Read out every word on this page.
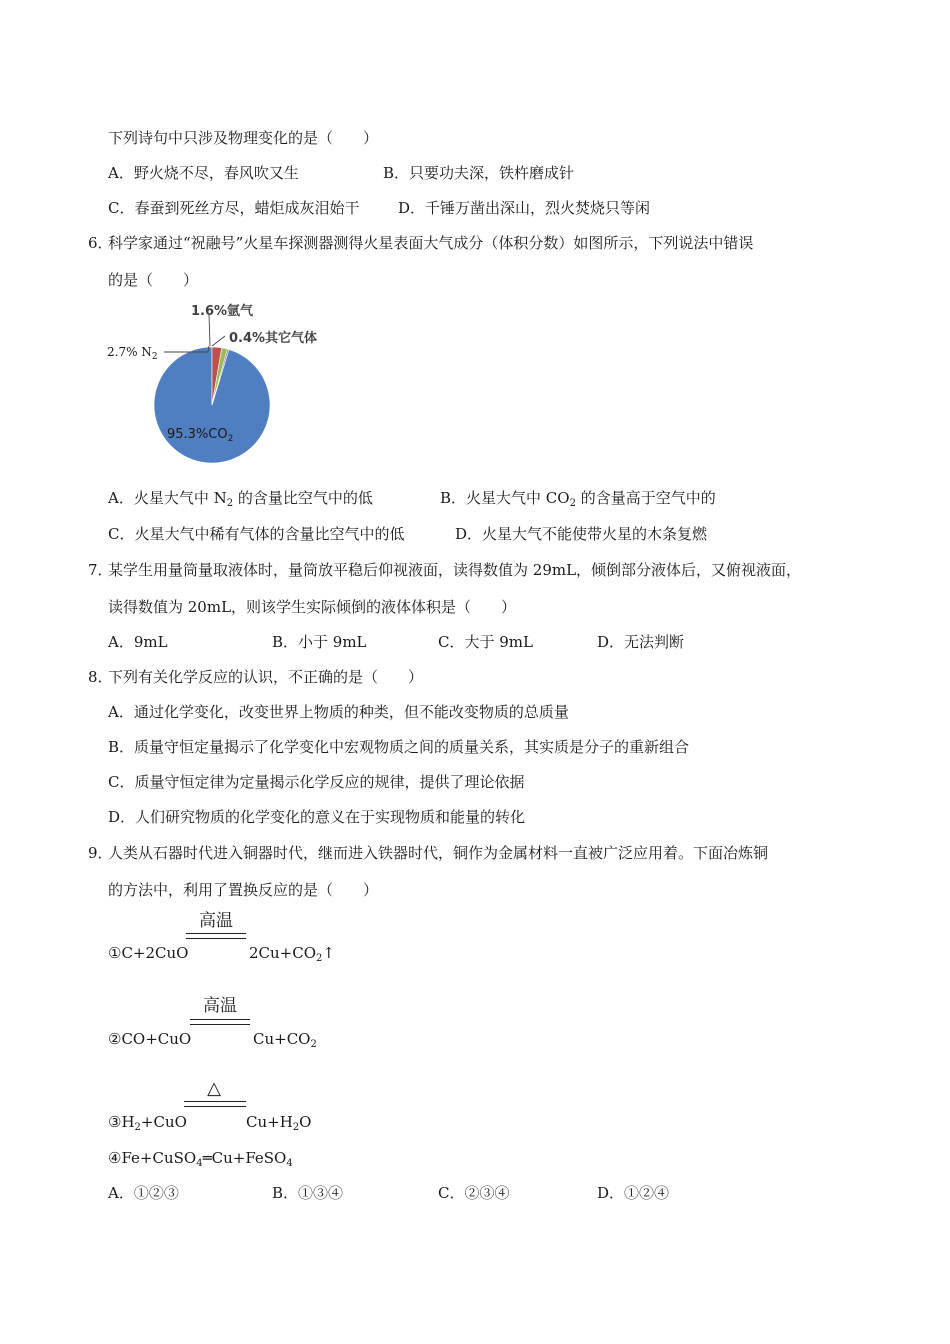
下列诗句中只涉及物理变化的是（　　）
A．野火烧不尽，春风吹又生	B．只要功夫深，铁杵磨成针
C．春蚕到死丝方尽，蜡炬成灰泪始干	D．千锤万凿出深山，烈火焚烧只等闲
6．
科学家通过“祝融号”火星车探测器测得火星表面大气成分（体积分数）如图所示，下列说法中错误
的是（　　）
1.6%氩气
0.4%其它气体
2.7% $N_2$
$95.3\%CO_2$
A．火星大气中 $N_2$ 的含量比空气中的低	B．火星大气中 $CO_2$ 的含量高于空气中的
C．火星大气中稀有气体的含量比空气中的低	D．火星大气不能使带火星的木条复燃
7．
某学生用量筒量取液体时，量筒放平稳后仰视液面，读得数值为 29mL，倾倒部分液体后，又俯视液面，
读得数值为 20mL，则该学生实际倾倒的液体体积是（　　）
A．9mL	B．小于 9mL	C．大于 9mL	D．无法判断
8．
下列有关化学反应的认识，不正确的是（　　）
A．通过化学变化，改变世界上物质的种类，但不能改变物质的总质量
B．质量守恒定量揭示了化学变化中宏观物质之间的质量关系，其实质是分子的重新组合
C．质量守恒定律为定量揭示化学反应的规律，提供了理论依据
D．人们研究物质的化学变化的意义在于实现物质和能量的转化
9．
人类从石器时代进入铜器时代，继而进入铁器时代，铜作为金属材料一直被广泛应用着。下面冶炼铜
的方法中，利用了置换反应的是（　　）
高温
①C+2CuO	$2Cu+CO_2↑$
高温
②CO+CuO	$Cu+CO_2$
△
$③H_2+CuO$	$Cu+H_2O$
④Fe+CuSO$_4$═Cu+FeSO$_4$
A．①②③	B．①③④	C．②③④	D．①②④
